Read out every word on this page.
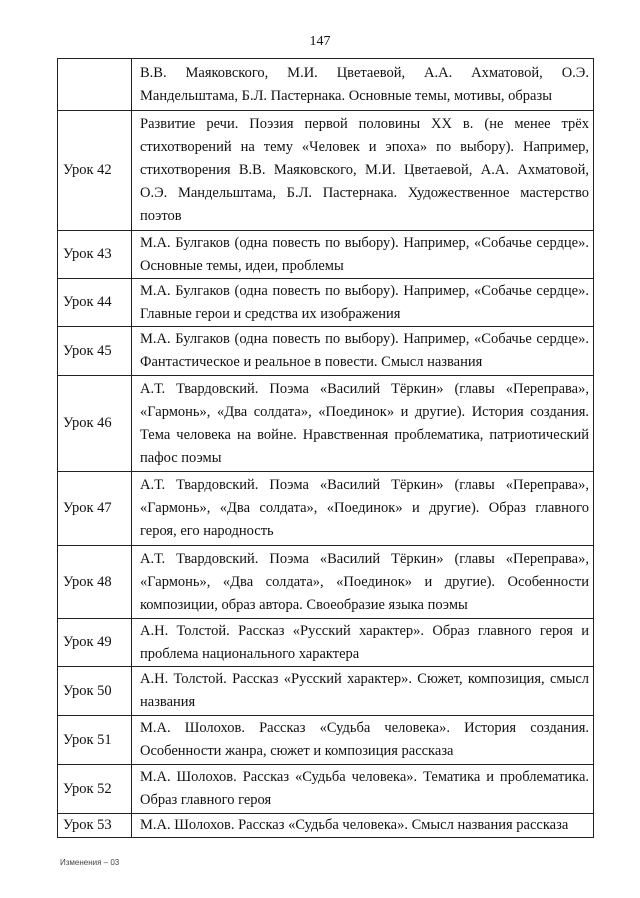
147
	В.В. Маяковского, М.И. Цветаевой, А.А. Ахматовой, О.Э. Мандельштама, Б.Л. Пастернака. Основные темы, мотивы, образы
Урок 42	Развитие речи. Поэзия первой половины XX в. (не менее трёх стихотворений на тему «Человек и эпоха» по выбору). Например, стихотворения В.В. Маяковского, М.И. Цветаевой, А.А. Ахматовой, О.Э. Мандельштама, Б.Л. Пастернака. Художественное мастерство поэтов
Урок 43	М.А. Булгаков (одна повесть по выбору). Например, «Собачье сердце». Основные темы, идеи, проблемы
Урок 44	М.А. Булгаков (одна повесть по выбору). Например, «Собачье сердце». Главные герои и средства их изображения
Урок 45	М.А. Булгаков (одна повесть по выбору). Например, «Собачье сердце». Фантастическое и реальное в повести. Смысл названия
Урок 46	А.Т. Твардовский. Поэма «Василий Тёркин» (главы «Переправа», «Гармонь», «Два солдата», «Поединок» и другие). История создания. Тема человека на войне. Нравственная проблематика, патриотический пафос поэмы
Урок 47	А.Т. Твардовский. Поэма «Василий Тёркин» (главы «Переправа», «Гармонь», «Два солдата», «Поединок» и другие). Образ главного героя, его народность
Урок 48	А.Т. Твардовский. Поэма «Василий Тёркин» (главы «Переправа», «Гармонь», «Два солдата», «Поединок» и другие). Особенности композиции, образ автора. Своеобразие языка поэмы
Урок 49	А.Н. Толстой. Рассказ «Русский характер». Образ главного героя и проблема национального характера
Урок 50	А.Н. Толстой. Рассказ «Русский характер». Сюжет, композиция, смысл названия
Урок 51	М.А. Шолохов. Рассказ «Судьба человека». История создания. Особенности жанра, сюжет и композиция рассказа
Урок 52	М.А. Шолохов. Рассказ «Судьба человека». Тематика и проблематика. Образ главного героя
Урок 53	М.А. Шолохов. Рассказ «Судьба человека». Смысл названия рассказа
Изменения – 03
